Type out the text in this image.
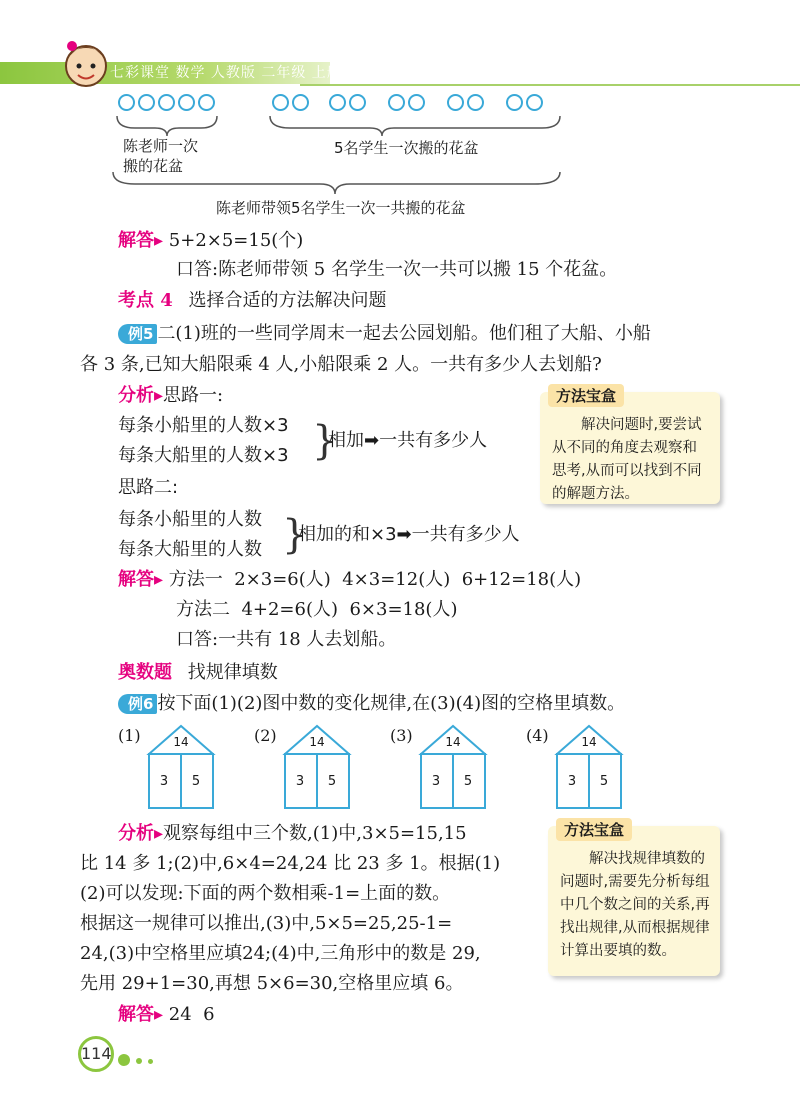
七彩课堂 数学 人教版 二年级 上册
陈老师一次
搬的花盆
5名学生一次搬的花盆
陈老师带领5名学生一次一共搬的花盆
解答▸ 5+2×5=15(个)
口答:陈老师带领 5 名学生一次一共可以搬 15 个花盆。
考点 4 选择合适的方法解决问题
例5 二(1)班的一些同学周末一起去公园划船。他们租了大船、小船
各 3 条,已知大船限乘 4 人,小船限乘 2 人。一共有多少人去划船?
分析▸思路一:
每条小船里的人数×3
每条大船里的人数×3 }
相加➡一共有多少人
思路二:
每条小船里的人数
每条大船里的人数 }
相加的和×3➡一共有多少人
方法宝盒
解决问题时,要尝试从不同的角度去观察和思考,从而可以找到不同的解题方法。
解答▸ 方法一  2×3=6(人)  4×3=12(人)  6+12=18(人)
方法二  4+2=6(人)  6×3=18(人)
口答:一共有 18 人去划船。
奥数题 找规律填数
例6 按下面(1)(2)图中数的变化规律,在(3)(4)图的空格里填数。
(1)	14
3 5
(2)	14
3 5
(3)	14
3 5
(4)	14
3 5
分析▸观察每组中三个数,(1)中,3×5=15,15
比 14 多 1;(2)中,6×4=24,24 比 23 多 1。根据(1)
(2)可以发现:下面的两个数相乘-1=上面的数。
根据这一规律可以推出,(3)中,5×5=25,25-1=
24,(3)中空格里应填24;(4)中,三角形中的数是 29,
先用 29+1=30,再想 5×6=30,空格里应填 6。
方法宝盒
解决找规律填数的问题时,需要先分析每组中几个数之间的关系,再找出规律,从而根据规律计算出要填的数。
解答▸ 24  6
114
